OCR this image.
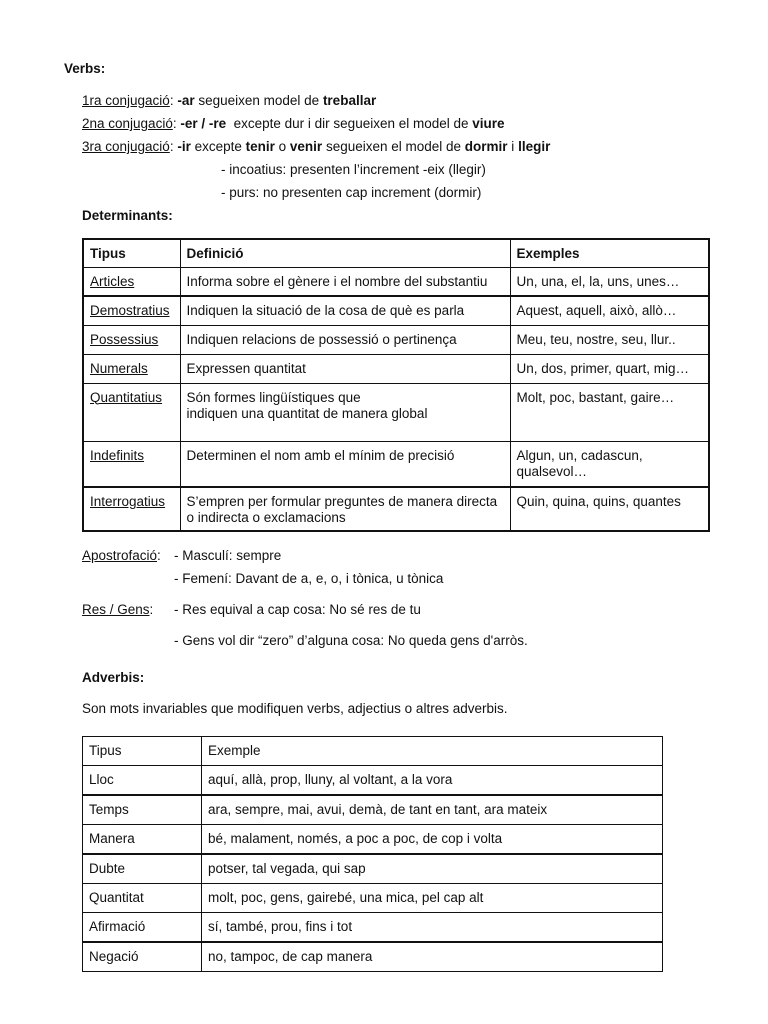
Verbs:
1ra conjugació: -ar segueixen model de treballar
2na conjugació: -er / -re  excepte dur i dir segueixen el model de viure
3ra conjugació: -ir excepte tenir o venir segueixen el model de dormir i llegir
- incoatius: presenten l’increment -eix (llegir)
- purs: no presenten cap increment (dormir)
Determinants:
Tipus	Definició	Exemples
Articles	Informa sobre el gènere i el nombre del substantiu	Un, una, el, la, uns, unes…
Demostratius	Indiquen la situació de la cosa de què es parla	Aquest, aquell, això, allò…
Possessius	Indiquen relacions de possessió o pertinença	Meu, teu, nostre, seu, llur..
Numerals	Expressen quantitat	Un, dos, primer, quart, mig…
Quantitatius	Són formes lingüístiques que
indiquen una quantitat de manera global	Molt, poc, bastant, gaire…
Indefinits	Determinen el nom amb el mínim de precisió	Algun, un, cadascun, qualsevol…
Interrogatius	S’empren per formular preguntes de manera directa o indirecta o exclamacions	Quin, quina, quins, quantes
Apostrofació: - Masculí: sempre
- Femení: Davant de a, e, o, i tònica, u tònica
Res / Gens: - Res equival a cap cosa: No sé res de tu
- Gens vol dir “zero” d’alguna cosa: No queda gens d'arròs.
Adverbis:
Son mots invariables que modifiquen verbs, adjectius o altres adverbis.
Tipus	Exemple
Lloc	aquí, allà, prop, lluny, al voltant, a la vora
Temps	ara, sempre, mai, avui, demà, de tant en tant, ara mateix
Manera	bé, malament, només, a poc a poc, de cop i volta
Dubte	potser, tal vegada, qui sap
Quantitat	molt, poc, gens, gairebé, una mica, pel cap alt
Afirmació	sí, també, prou, fins i tot
Negació	no, tampoc, de cap manera
